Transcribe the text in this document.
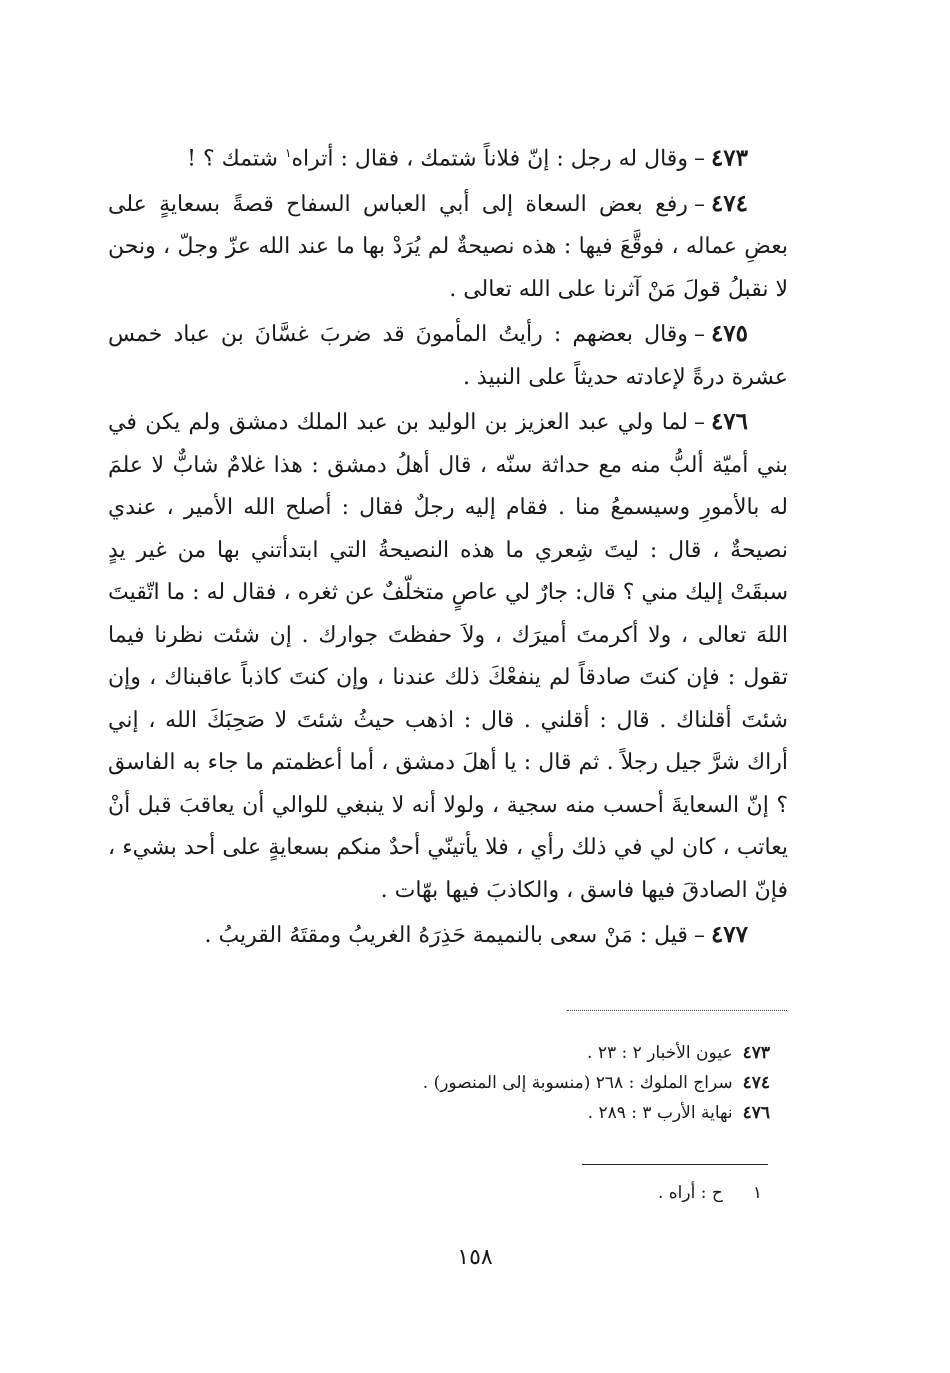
٤٧٣–وقال له رجل : إنّ فلاناً شتمك ، فقال : أتراه$^١$ شتمك ؟ !

٤٧٤–رفع بعض السعاة إلى أبي العباس السفاح قصةً بسعايةٍ على بعضِ عماله ، فوقَّعَ فيها : هذه نصيحةٌ لم يُرَدْ بها ما عند الله عزّ وجلّ ، ونحن لا نقبلُ قولَ مَنْ آثرنا على الله تعالى .

٤٧٥–وقال بعضهم : رأيتُ المأمونَ قد ضربَ غسَّانَ بن عباد خمس عشرة درةً لإعادته حديثاً على النبيذ .

٤٧٦–لما ولي عبد العزيز بن الوليد بن عبد الملك دمشق ولم يكن في بني أميّة ألبُّ منه مع حداثة سنّه ، قال أهلُ دمشق : هذا غلامٌ شابٌّ لا علمَ له بالأمورِ وسيسمعُ منا . فقام إليه رجلٌ فقال : أصلح الله الأمير ، عندي نصيحةٌ ، قال : ليتَ شِعري ما هذه النصيحةُ التي ابتدأتني بها من غير يدٍ سبقَتْ إليك مني ؟ قال: جارٌ لي عاصٍ متخلّفٌ عن ثغره ، فقال له : ما اتّقيتَ اللهَ تعالى ، ولا أكرمتَ أميرَك ، ولاَ حفظتَ جوارك . إن شئت نظرنا فيما تقول : فإن كنتَ صادقاً لم ينفعْكَ ذلك عندنا ، وإن كنتَ كاذباً عاقبناك ، وإن شئتَ أقلناك . قال : أقلني . قال : اذهب حيثُ شئتَ لا صَحِبَكَ الله ، إني أراك شرَّ جيل رجلاً . ثم قال : يا أهلَ دمشق ، أما أعظمتم ما جاء به الفاسق ؟ إنّ السعايةَ أحسب منه سجية ، ولولا أنه لا ينبغي للوالي أن يعاقبَ قبل أنْ يعاتب ، كان لي في ذلك رأي ، فلا يأتينّي أحدٌ منكم بسعايةٍ على أحد بشيء ، فإنّ الصادقَ فيها فاسق ، والكاذبَ فيها بهّات .

٤٧٧–قيل : مَنْ سعى بالنميمة حَذِرَهُ الغريبُ ومقتَهُ القريبُ .

٤٧٣عيون الأخبار ٢ : ٢٣ .
٤٧٤سراج الملوك : ٢٦٨ (منسوبة إلى المنصور) .
٤٧٦نهاية الأرب ٣ : ٢٨٩ .
١ح : أراه .
١٥٨
